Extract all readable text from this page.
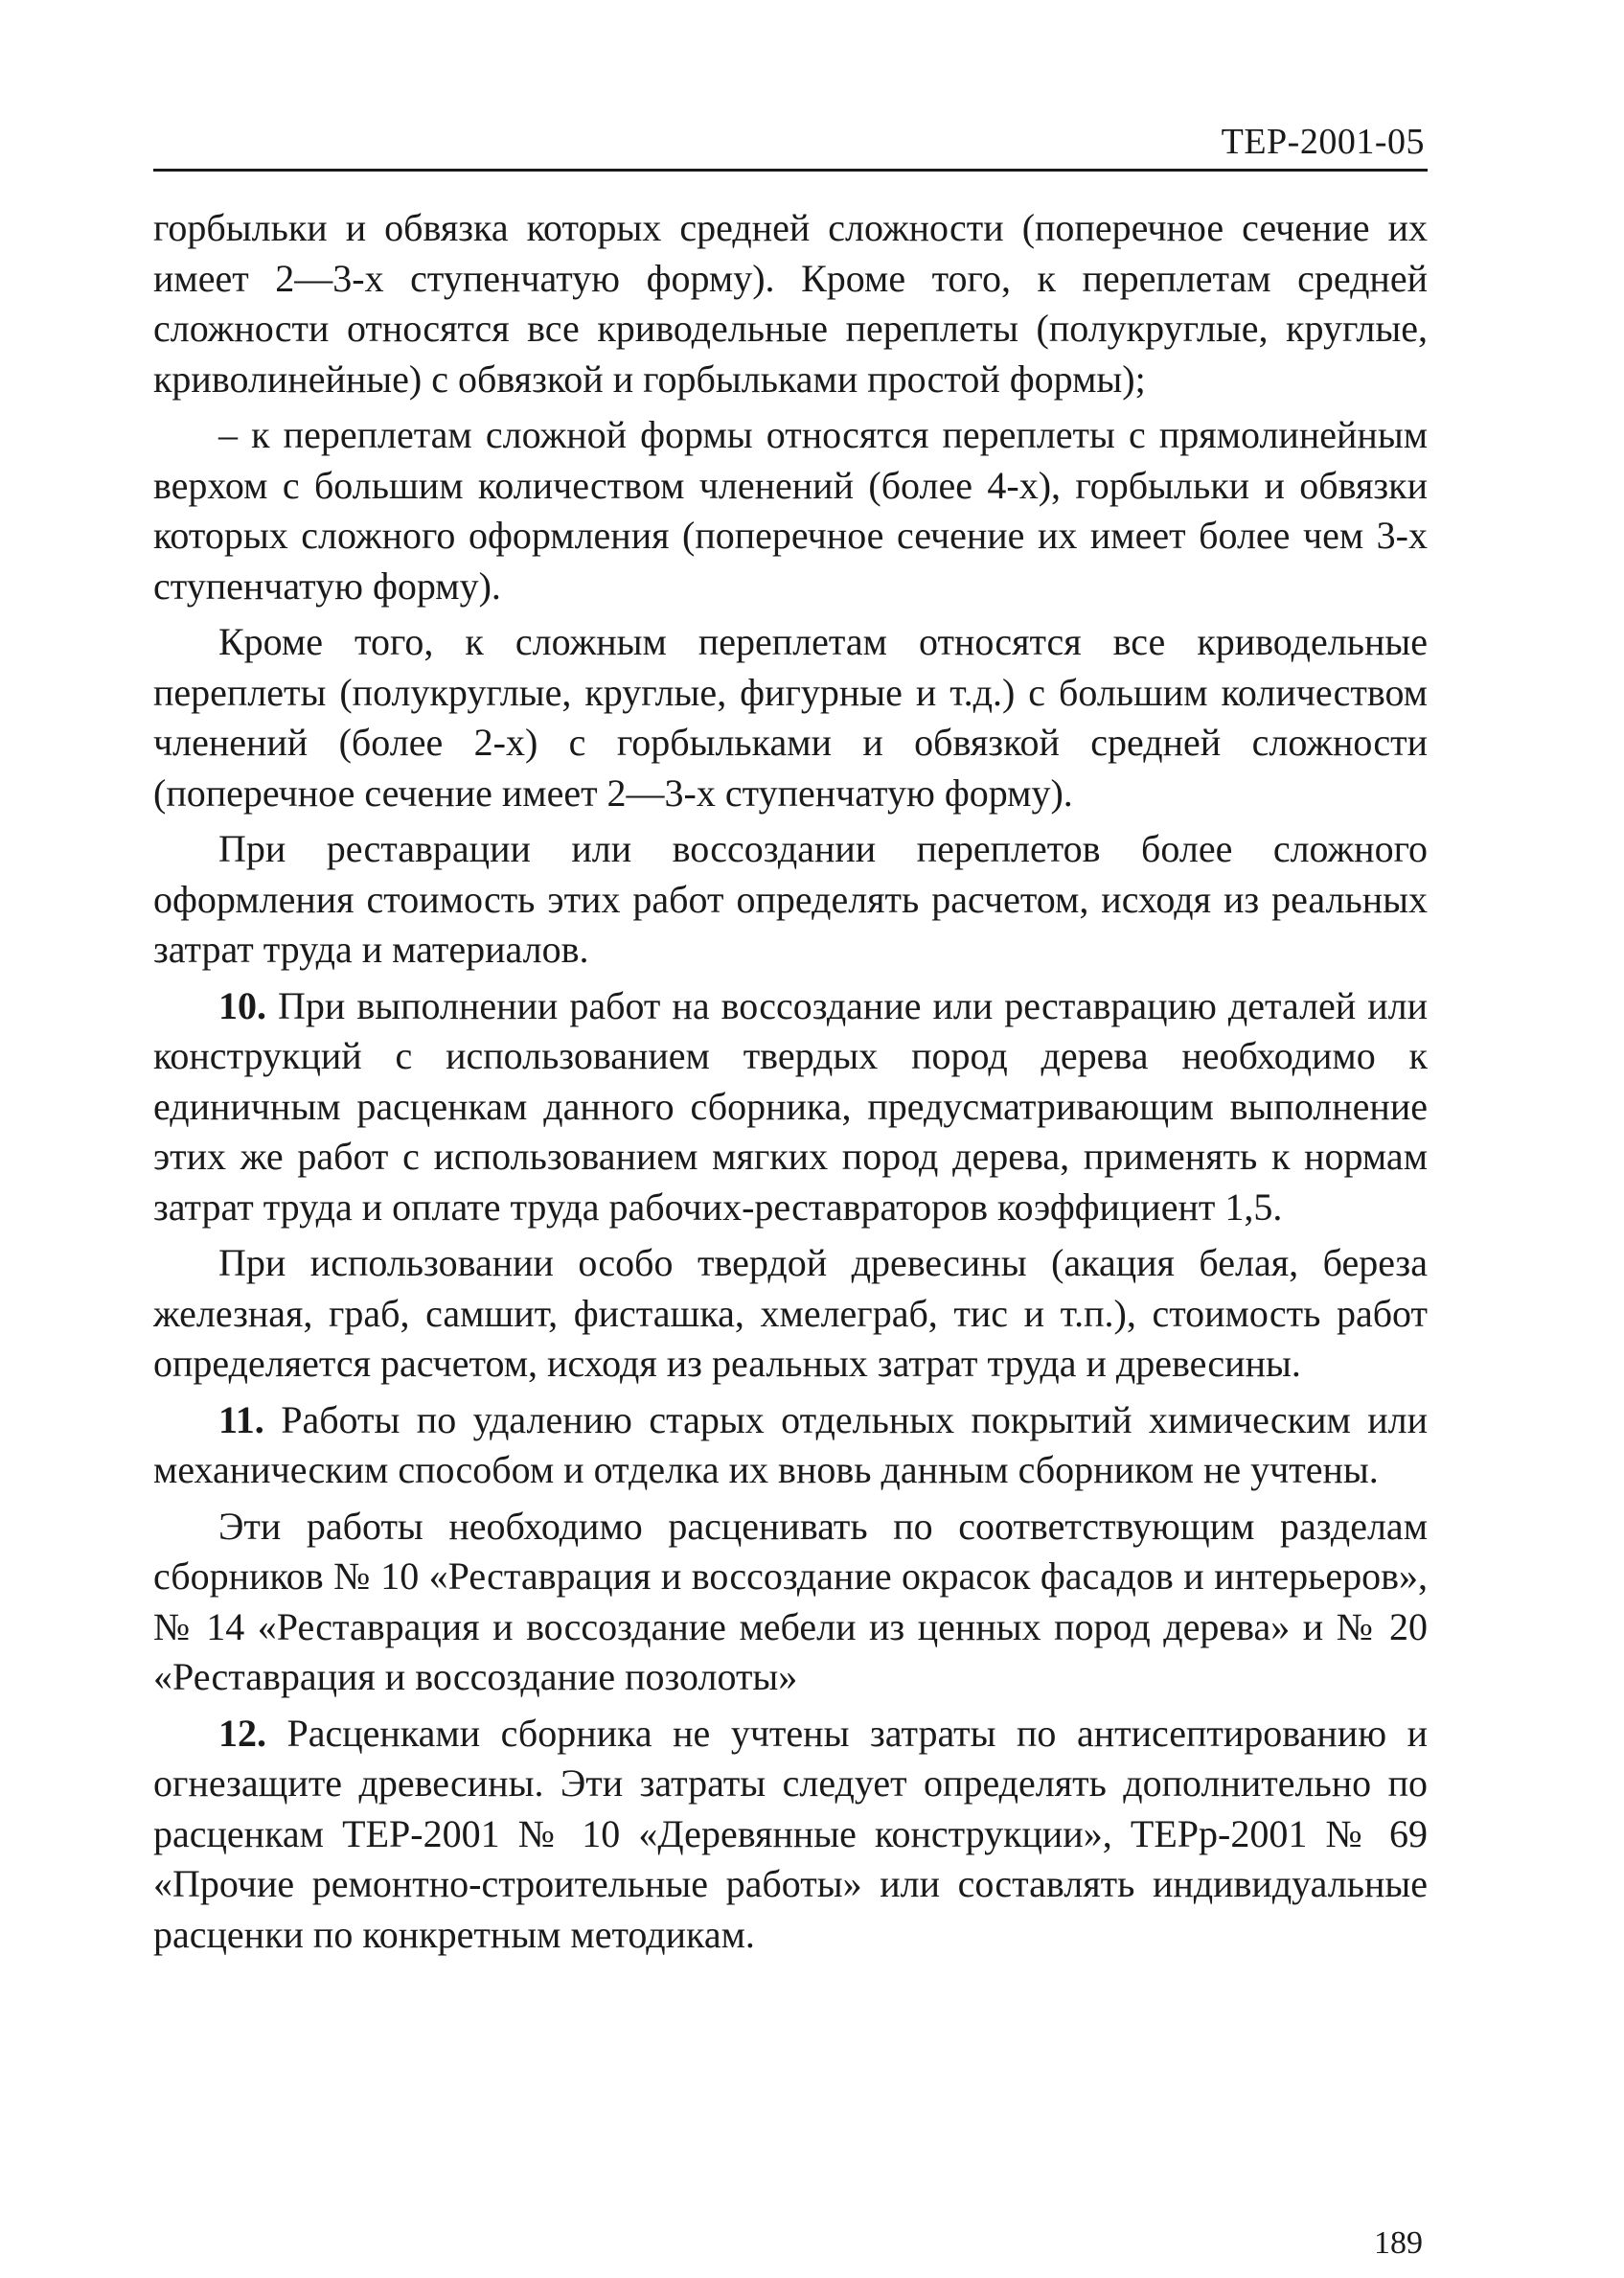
ТЕР-2001-05

горбыльки и обвязка которых средней сложности (поперечное сечение их имеет 2—3-х ступенчатую форму). Кроме того, к переплетам средней сложности относятся все криводельные переплеты (полукруглые, круглые, криволинейные) с обвязкой и горбыльками простой формы);

– к переплетам сложной формы относятся переплеты с прямолинейным верхом с большим количеством членений (более 4-х), горбыльки и обвязки которых сложного оформления (поперечное сечение их имеет более чем 3-х ступенчатую форму).

Кроме того, к сложным переплетам относятся все криводельные переплеты (полукруглые, круглые, фигурные и т.д.) с большим количеством членений (более 2-х) с горбыльками и обвязкой средней сложности (поперечное сечение имеет 2—3-х ступенчатую форму).

При реставрации или воссоздании переплетов более сложного оформления стоимость этих работ определять расчетом, исходя из реальных затрат труда и материалов.

10. При выполнении работ на воссоздание или реставрацию деталей или конструкций с использованием твердых пород дерева необходимо к единичным расценкам данного сборника, предусматривающим выполнение этих же работ с использованием мягких пород дерева, применять к нормам затрат труда и оплате труда рабочих-реставраторов коэффициент 1,5.

При использовании особо твердой древесины (акация белая, береза железная, граб, самшит, фисташка, хмелеграб, тис и т.п.), стоимость работ определяется расчетом, исходя из реальных затрат труда и древесины.

11. Работы по удалению старых отдельных покрытий химическим или механическим способом и отделка их вновь данным сборником не учтены.

Эти работы необходимо расценивать по соответствующим разделам сборников № 10 «Реставрация и воссоздание окрасок фасадов и интерьеров», № 14 «Реставрация и воссоздание мебели из ценных пород дерева» и № 20 «Реставрация и воссоздание позолоты»

12. Расценками сборника не учтены затраты по антисептированию и огнезащите древесины. Эти затраты следует определять дополнительно по расценкам ТЕР-2001 № 10 «Деревянные конструкции», ТЕРр-2001 № 69 «Прочие ремонтно-строительные работы» или составлять индивидуальные расценки по конкретным методикам.

189
